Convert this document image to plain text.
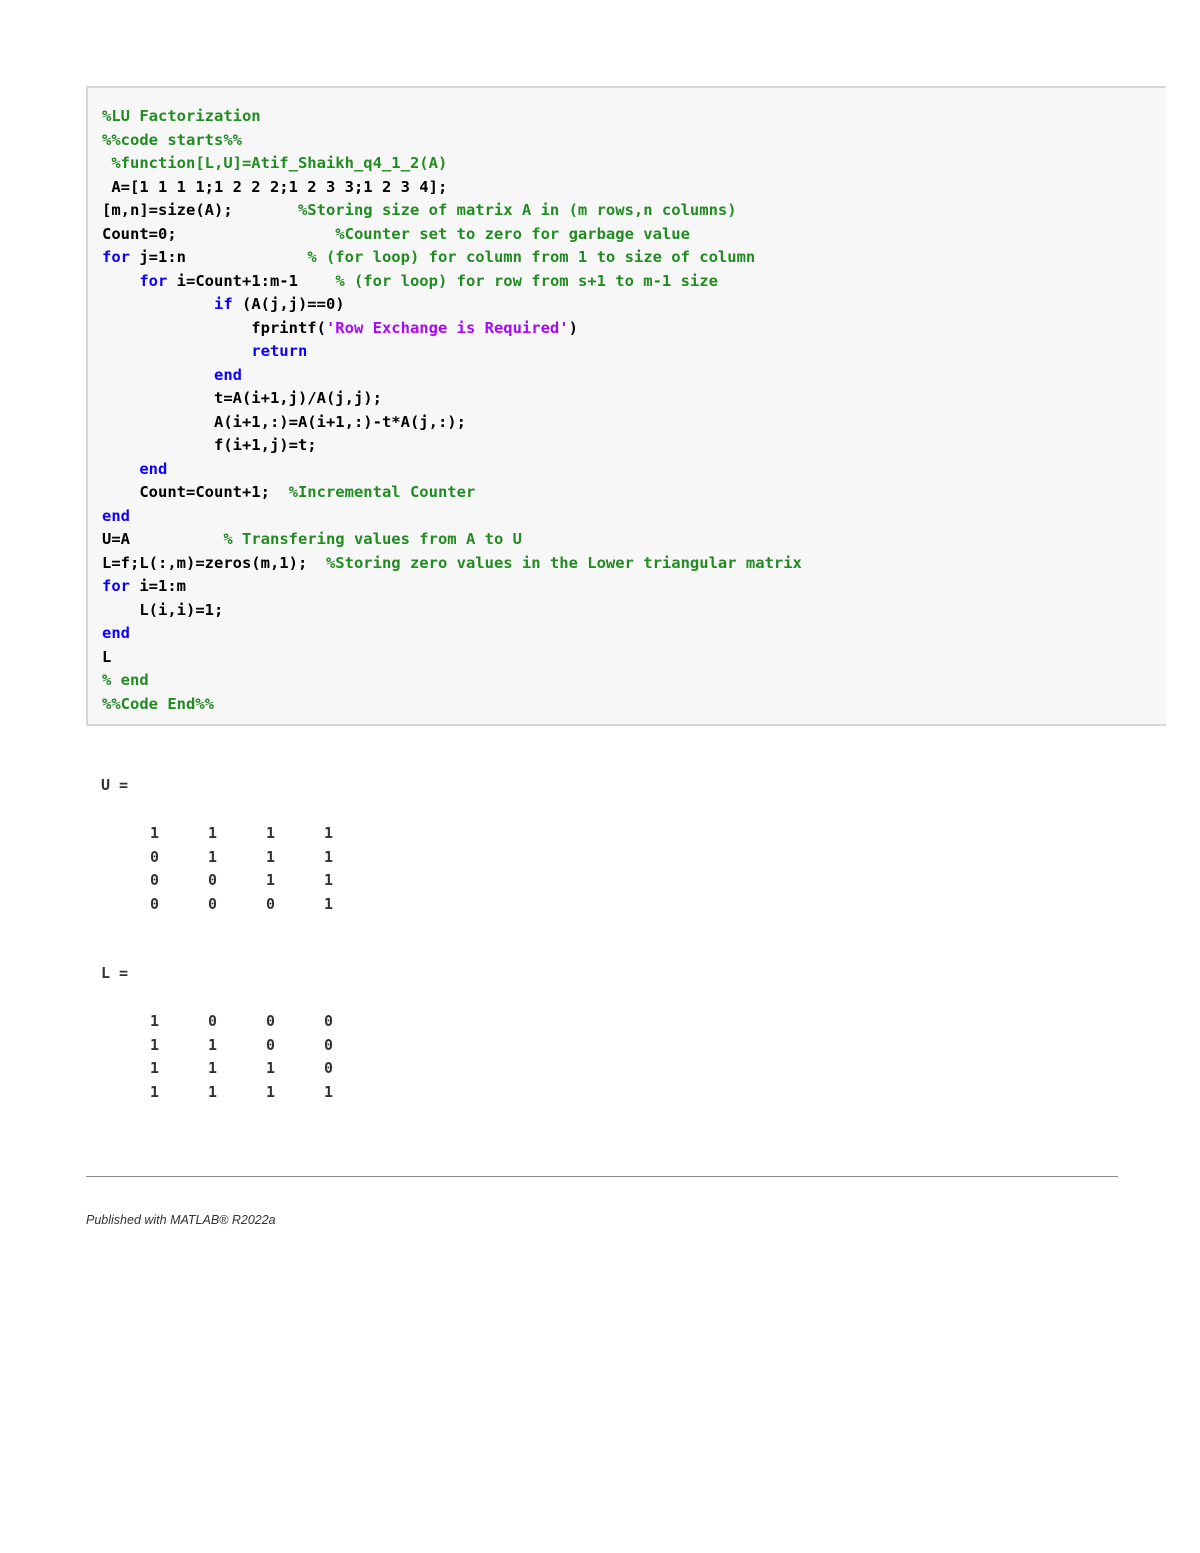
%LU Factorization
%%code starts%%
%function[L,U]=Atif_Shaikh_q4_1_2(A)
A=[1 1 1 1;1 2 2 2;1 2 3 3;1 2 3 4];
[m,n]=size(A);       %Storing size of matrix A in (m rows,n columns)
Count=0;                 %Counter set to zero for garbage value
for j=1:n             % (for loop) for column from 1 to size of column
for i=Count+1:m-1    % (for loop) for row from s+1 to m-1 size
if (A(j,j)==0)
fprintf('Row Exchange is Required')
return
end
t=A(i+1,j)/A(j,j);
A(i+1,:)=A(i+1,:)-t*A(j,:);
f(i+1,j)=t;
end
Count=Count+1;  %Incremental Counter
end
U=A          % Transfering values from A to U
L=f;L(:,m)=zeros(m,1);  %Storing zero values in the Lower triangular matrix
for i=1:m
L(i,i)=1;
end
L
% end
%%Code End%%
U =
1	1	1	1
0	1	1	1
0	0	1	1
0	0	0	1
L =
1	0	0	0
1	1	0	0
1	1	1	0
1	1	1	1
Published with MATLAB® R2022a
